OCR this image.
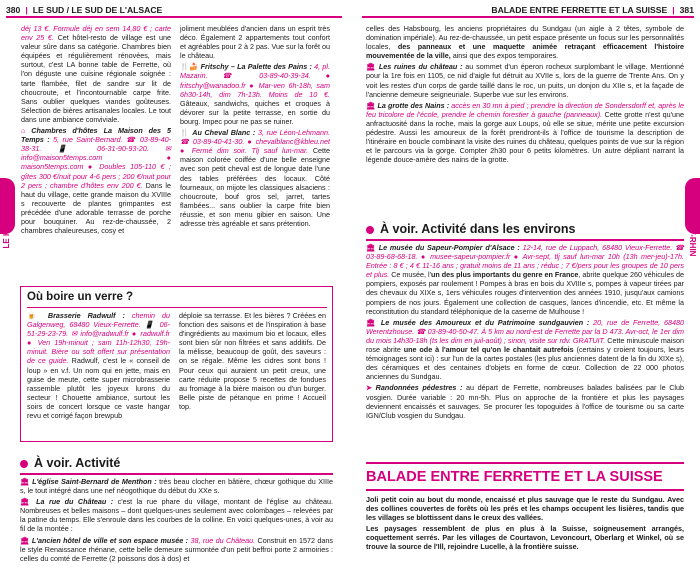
380 | LE SUD / LE SUD DE L'ALSACE	BALADE ENTRE FERRETTE ET LA SUISSE | 381
LE HAUT-RHIN	LE HAUT-RHIN

déj 13 €. Formule déj en sem 14,80 € ; carte env 25 €. Cet hôtel-resto de village est une valeur sûre dans sa catégorie. Chambres bien équipées et régulièrement rénovées, mais surtout, c'est LA bonne table de Ferrette, où l'on déguste une cuisine régionale soignée : tarte flambée, filet de sandre sur lit de choucroute, et l'incontournable carpe frite. Sans oublier quelques viandes goûteuses. Sélection de bières artisanales locales. Le tout dans une ambiance conviviale.

⌂ Chambres d'hôtes La Maison des 5 Temps : 5, rue Saint-Bernard. ☎ 03-89-40-38-31. 📱 06-31-90-93-20. ✉ info@maison5temps.com ● maison5temps.com ● Doubles 105-110 € ; gîtes 300 €/nuit pour 4-6 pers ; 200 €/nuit pour 2 pers ; chambre d'hôtes env 200 €. Dans le haut du village, cette grande maison du XVIIIe s recouverte de plantes grimpantes est précédée d'une adorable terrasse de porche pour bouquiner. Au rez-de-chaussée, 2 chambres chaleureuses, cosy et

joliment meublées d'ancien dans un esprit très déco. Également 2 appartements tout confort et agréables pour 2 à 2 pas. Vue sur la forêt ou le château.

🍴🍰 Fritschy – La Palette des Pains : 4, pl. Mazarin. ☎ 03-89-40-39-34. ● fritschy@wanadoo.fr ● Mar-ven 6h-18h, sam 6h30-14h, dim 7h-13h. Moins de 10 €. Gâteaux, sandwichs, quiches et croques à dévorer sur la petite terrasse, en sortie du bourg. Impec pour ne pas se ruiner.

🍴 Au Cheval Blanc : 3, rue Léon-Lehmann. ☎ 03-89-40-41-30. ● chevalblanc@kbleu.net ● Fermé dim soir. Tlj sauf lun-mar. Cette maison colorée coiffée d'une belle enseigne avec son petit cheval est de longue date l'une des tables préférées des locaux. Côté fourneaux, on mijote les classiques alsaciens : choucroute, bouf gros sel, jarret, tartes flambées... sans oublier la carpe frite bien réussie, et son menu gibier en saison. Une adresse très agréable et sans prétention.

Où boire un verre ?

🍺 Brasserie Radwulf : chemin du Galgenweg, 68480 Vieux-Ferrette. 📱 06-51-29-23-79. ✉ info@radwulf.fr ● radwulf.fr ● Ven 19h-minuit ; sam 11h-12h30, 19h-minuit. Bière ou soft offert sur présentation de ce guide. Radwulf, c'est le « conseil de loup » en v.f. Un nom qui en jette, mais en guise de meute, cette super microbrasserie rassemble plutôt les joyeux lurons du secteur ! Chouette ambiance, surtout les soirs de concert lorsque ce vaste hangar revu et corrigé façon brewpub

déploie sa terrasse. Et les bières ? Créées en fonction des saisons et de l'inspiration à base d'ingrédients au maximum bio et locaux, elles sont bien sûr non filtrées et sans additifs. De la mélisse, beaucoup de goût, des saveurs : on se régale. Même les cidres sont bons ! Pour ceux qui auraient un petit creux, une carte réduite propose 5 recettes de fondues au fromage à la bière maison ou d'un burger. Belle piste de pétanque en prime ! Accueil top.

À voir. Activité

🏛 L'église Saint-Bernard de Menthon : très beau clocher en bâtière, chœur gothique du XIIIe s, le tout intégré dans une nef néogothique du début du XXe s.

🏛 La rue du Château : c'est la rue phare du village, montant de l'église au château. Nombreuses et belles maisons – dont quelques-unes seulement avec colombages – relevées par la patine du temps. Elle s'enroule dans les courbes de la colline. En voici quelques-unes, à voir au fil de la montée :

🏛 L'ancien hôtel de ville et son espace musée : 38, rue du Château. Construit en 1572 dans le style Renaissance rhénane, cette belle demeure surmontée d'un petit beffroi porte 2 armoiries : celles du comté de Ferrette (2 poissons dos à dos) et

celles des Habsbourg, les anciens propriétaires du Sundgau (un aigle à 2 têtes, symbole de domination impériale). Au rez-de-chaussée, un petit espace présente un focus sur les personnalités locales, des panneaux et une maquette animée retraçant efficacement l'histoire mouvementée de la ville, ainsi que des expos temporaires.

🏛 Les ruines du château : au sommet d'un éperon rocheux surplombant le village. Mentionné pour la 1re fois en 1105, ce nid d'aigle fut détruit au XVIIe s, lors de la guerre de Trente Ans. On y voit les restes d'un corps de garde taillé dans le roc, un puits, un donjon du XIIe s, et la façade de l'ancienne demeure seigneuriale. Superbe vue sur les environs.

🏛 La grotte des Nains : accès en 30 mn à pied ; prendre la direction de Sondersdorff et, après le feu tricolore de l'école, prendre le chemin forestier à gauche (panneaux). Cette grotte n'est qu'une anfractuosité dans la roche, mais la gorge aux Loups, où elle se situe, mérite une petite excursion pédestre. Aussi les amoureux de la forêt prendront-ils à l'office de tourisme la description de l'itinéraire en boucle combinant la visite des ruines du château, quelques points de vue sur la région et le parcours via la gorge. Compter 2h30 pour 6 petits kilomètres. Un autre dépliant narrant la légende douce-amère des nains de la grotte.

À voir. Activité dans les environs

🏛 Le musée du Sapeur-Pompier d'Alsace : 12-14, rue de Luppach, 68480 Vieux-Ferrette. ☎ 03-89-68-68-18. ● musee-sapeur-pompier.fr ● Avr-sept, tlj sauf lun-mar 10h (13h mer-jeu)-17h. Entrée : 8 € ; 4 € 11-16 ans ; gratuit moins de 11 ans ; réduc ; 7 €/pers pour les groupes de 10 pers et plus. Ce musée, l'un des plus importants du genre en France, abrite quelque 260 véhicules de pompiers, exposés par roulement ! Pompes à bras en bois du XVIIIe s, pompes à vapeur tirées par des chevaux du XIXe s, 1ers véhicules rouges d'intervention des années 1910, jusqu'aux camions pompiers de nos jours. Également une collection de casques, lances d'incendie, etc. Et même la reconstitution du standard téléphonique de la caserne de Mulhouse !

🏛 Le musée des Amoureux et du Patrimoine sundgauvien : 20, rue de Ferrette, 68480 Werentzhouse. ☎ 03-89-40-50-47. À 5 km au nord-est de Ferrette par la D 473. Avr-oct, le 1er dim du mois 14h30-18h (ts les dim en juil-août) ; sinon, visite sur rdv. GRATUIT. Cette minuscule maison rose abrite une ode à l'amour tel qu'on le chantait autrefois (certains y croient toujours, leurs témoignages sont ici) : sur l'un de la cartes postales (les plus anciennes datent de la fin du XIXe s), des céramiques et des centaines d'objets en forme de cœur. Collection de 22 000 photos anciennes du Sundgau.

➤ Randonnées pédestres : au départ de Ferrette, nombreuses balades balisées par le Club vosgien. Durée variable : 20 mn-5h. Plus on approche de la frontière et plus les paysages deviennent encaissés et sauvages. Se procurer les topoguides à l'office de tourisme ou sa carte IGN/Club vosgien du Sundgau.

BALADE ENTRE FERRETTE ET LA SUISSE

Joli petit coin au bout du monde, encaissé et plus sauvage que le reste du Sundgau. Avec des collines couvertes de forêts où les prés et les champs occupent les lisières, tandis que les villages se blottissent dans le creux des vallées.

Les paysages ressemblent de plus en plus à la Suisse, soigneusement arrangés, coquettement serrés. Par les villages de Courtavon, Levoncourt, Oberlarg et Winkel, où se trouve la source de l'Ill, rejoindre Lucelle, à la frontière suisse.
